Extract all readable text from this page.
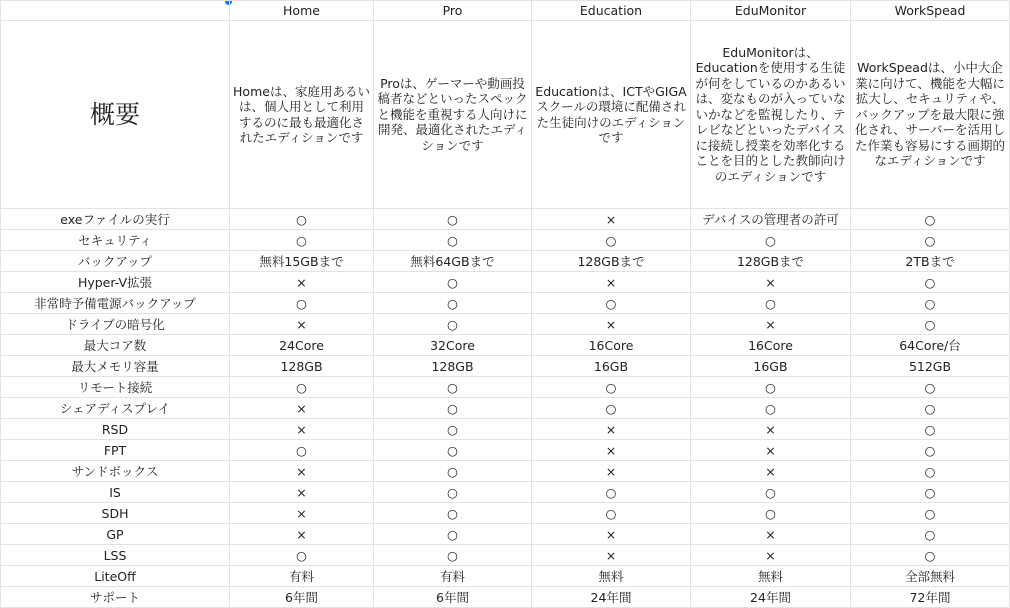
	Home	Pro	Education	EduMonitor	WorkSpead
概要	Homeは、家庭用あるいは、個人用として利用するのに最も最適化されたエディションです	Proは、ゲーマーや動画投稿者などといったスペックと機能を重視する人向けに開発、最適化されたエディションです	Educationは、ICTやGIGAスクールの環境に配備された生徒向けのエディションです	EduMonitorは、Educationを使用する生徒が何をしているのかあるいは、変なものが入っていないかなどを監視したり、テレビなどといったデバイスに接続し授業を効率化することを目的とした教師向けのエディションです	WorkSpeadは、小中大企業に向けて、機能を大幅に拡大し、セキュリティや、バックアップを最大限に強化され、サーバーを活用した作業も容易にする画期的なエディションです
exeファイルの実行	○	○	×	デバイスの管理者の許可	○
セキュリティ	○	○	○	○	○
バックアップ	無料15GBまで	無料64GBまで	128GBまで	128GBまで	2TBまで
Hyper-V拡張	×	○	×	×	○
非常時予備電源バックアップ	○	○	○	○	○
ドライブの暗号化	×	○	×	×	○
最大コア数	24Core	32Core	16Core	16Core	64Core/台
最大メモリ容量	128GB	128GB	16GB	16GB	512GB
リモート接続	○	○	○	○	○
シェアディスプレイ	×	○	○	○	○
RSD	×	○	×	×	○
FPT	○	○	×	×	○
サンドボックス	×	○	×	×	○
IS	×	○	○	○	○
SDH	×	○	○	○	○
GP	×	○	×	×	○
LSS	○	○	×	×	○
LiteOff	有料	有料	無料	無料	全部無料
サポート	6年間	6年間	24年間	24年間	72年間
